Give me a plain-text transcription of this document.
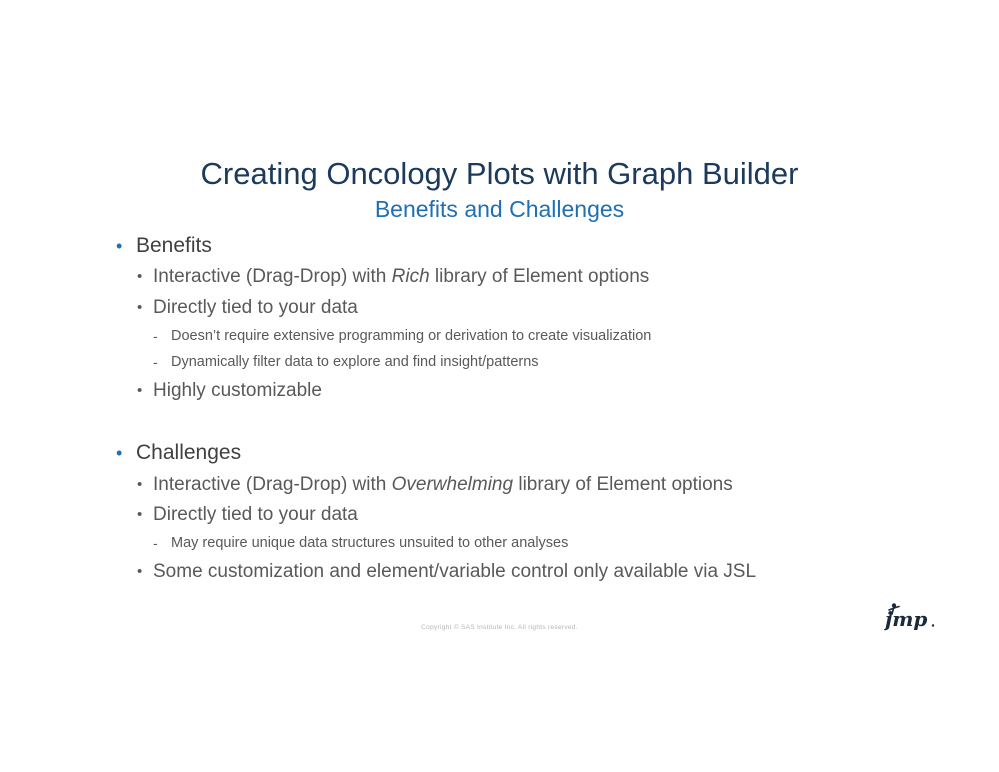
Creating Oncology Plots with Graph Builder
Benefits and Challenges
• Benefits
• Interactive (Drag-Drop) with Rich library of Element options
• Directly tied to your data
- Doesn’t require extensive programming or derivation to create visualization
- Dynamically filter data to explore and find insight/patterns
• Highly customizable
• Challenges
• Interactive (Drag-Drop) with Overwhelming library of Element options
• Directly tied to your data
- May require unique data structures unsuited to other analyses
• Some customization and element/variable control only available via JSL
Copyright © SAS Institute Inc. All rights reserved.	jmp
